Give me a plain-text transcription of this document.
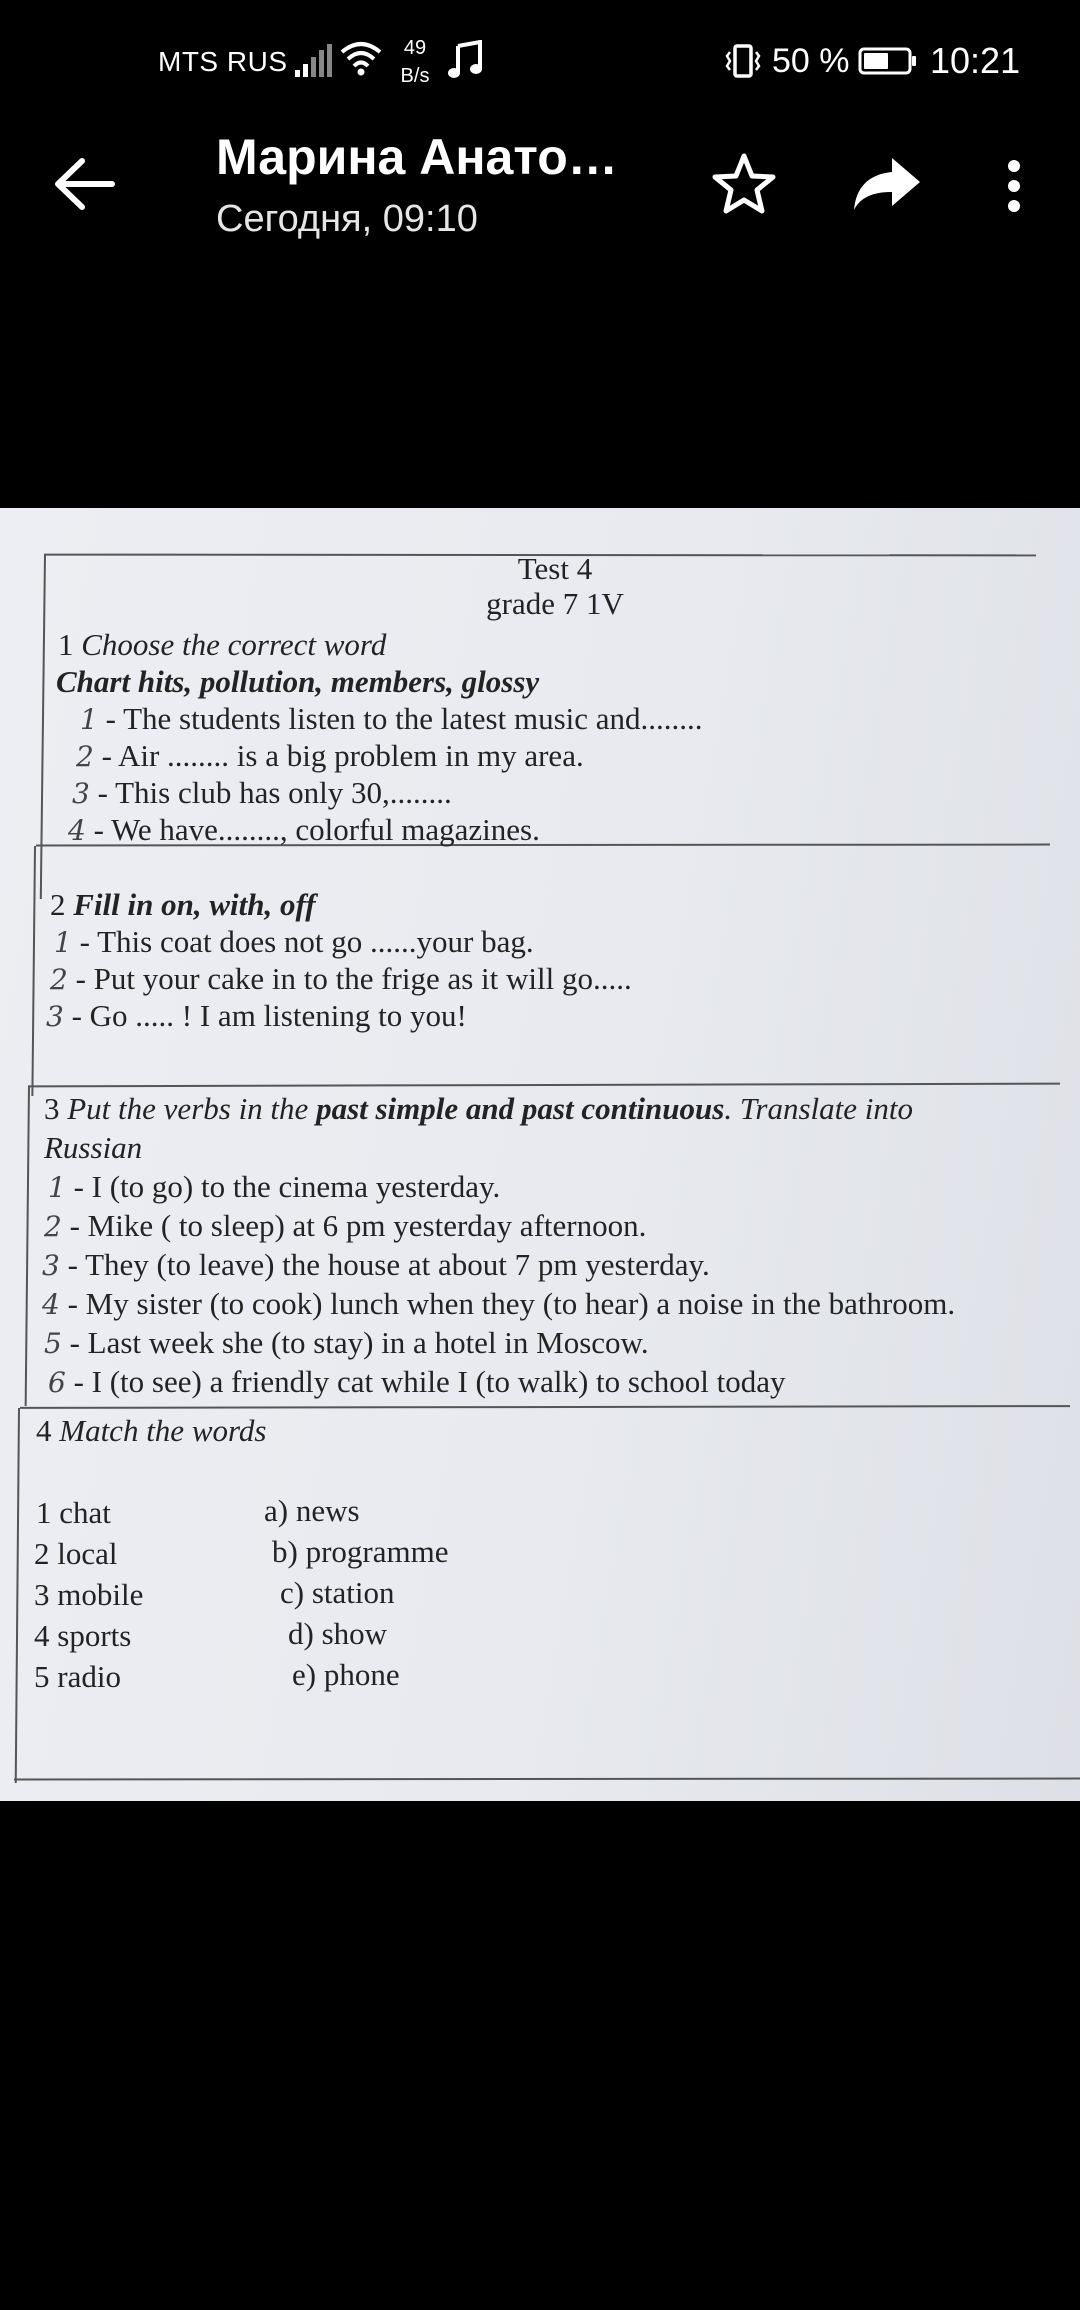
MTS RUS	49
B/s	50 % 10:21
Марина Анато…
Сегодня, 09:10
Test 4
grade 7 1V
1 Choose the correct word
Chart hits, pollution, members, glossy
1 - The students listen to the latest music and........
2 - Air ........ is a big problem in my area.
3 - This club has only 30,........
4 - We have........, colorful magazines.
2 Fill in on, with, off
1 - This coat does not go ......your bag.
2 - Put your cake in to the frige as it will go.....
3 - Go ..... ! I am listening to you!
3 Put the verbs in the past simple and past continuous. Translate into
Russian
1 - I (to go) to the cinema yesterday.
2 - Mike ( to sleep) at 6 pm yesterday afternoon.
3 - They (to leave) the house at about 7 pm yesterday.
4 - My sister (to cook) lunch when they (to hear) a noise in the bathroom.
5 - Last week she (to stay) in a hotel in Moscow.
6 - I (to see) a friendly cat while I (to walk) to school today
4 Match the words
1 chat
2 local
3 mobile
4 sports
5 radio
a) news
b) programme
c) station
d) show
e) phone
